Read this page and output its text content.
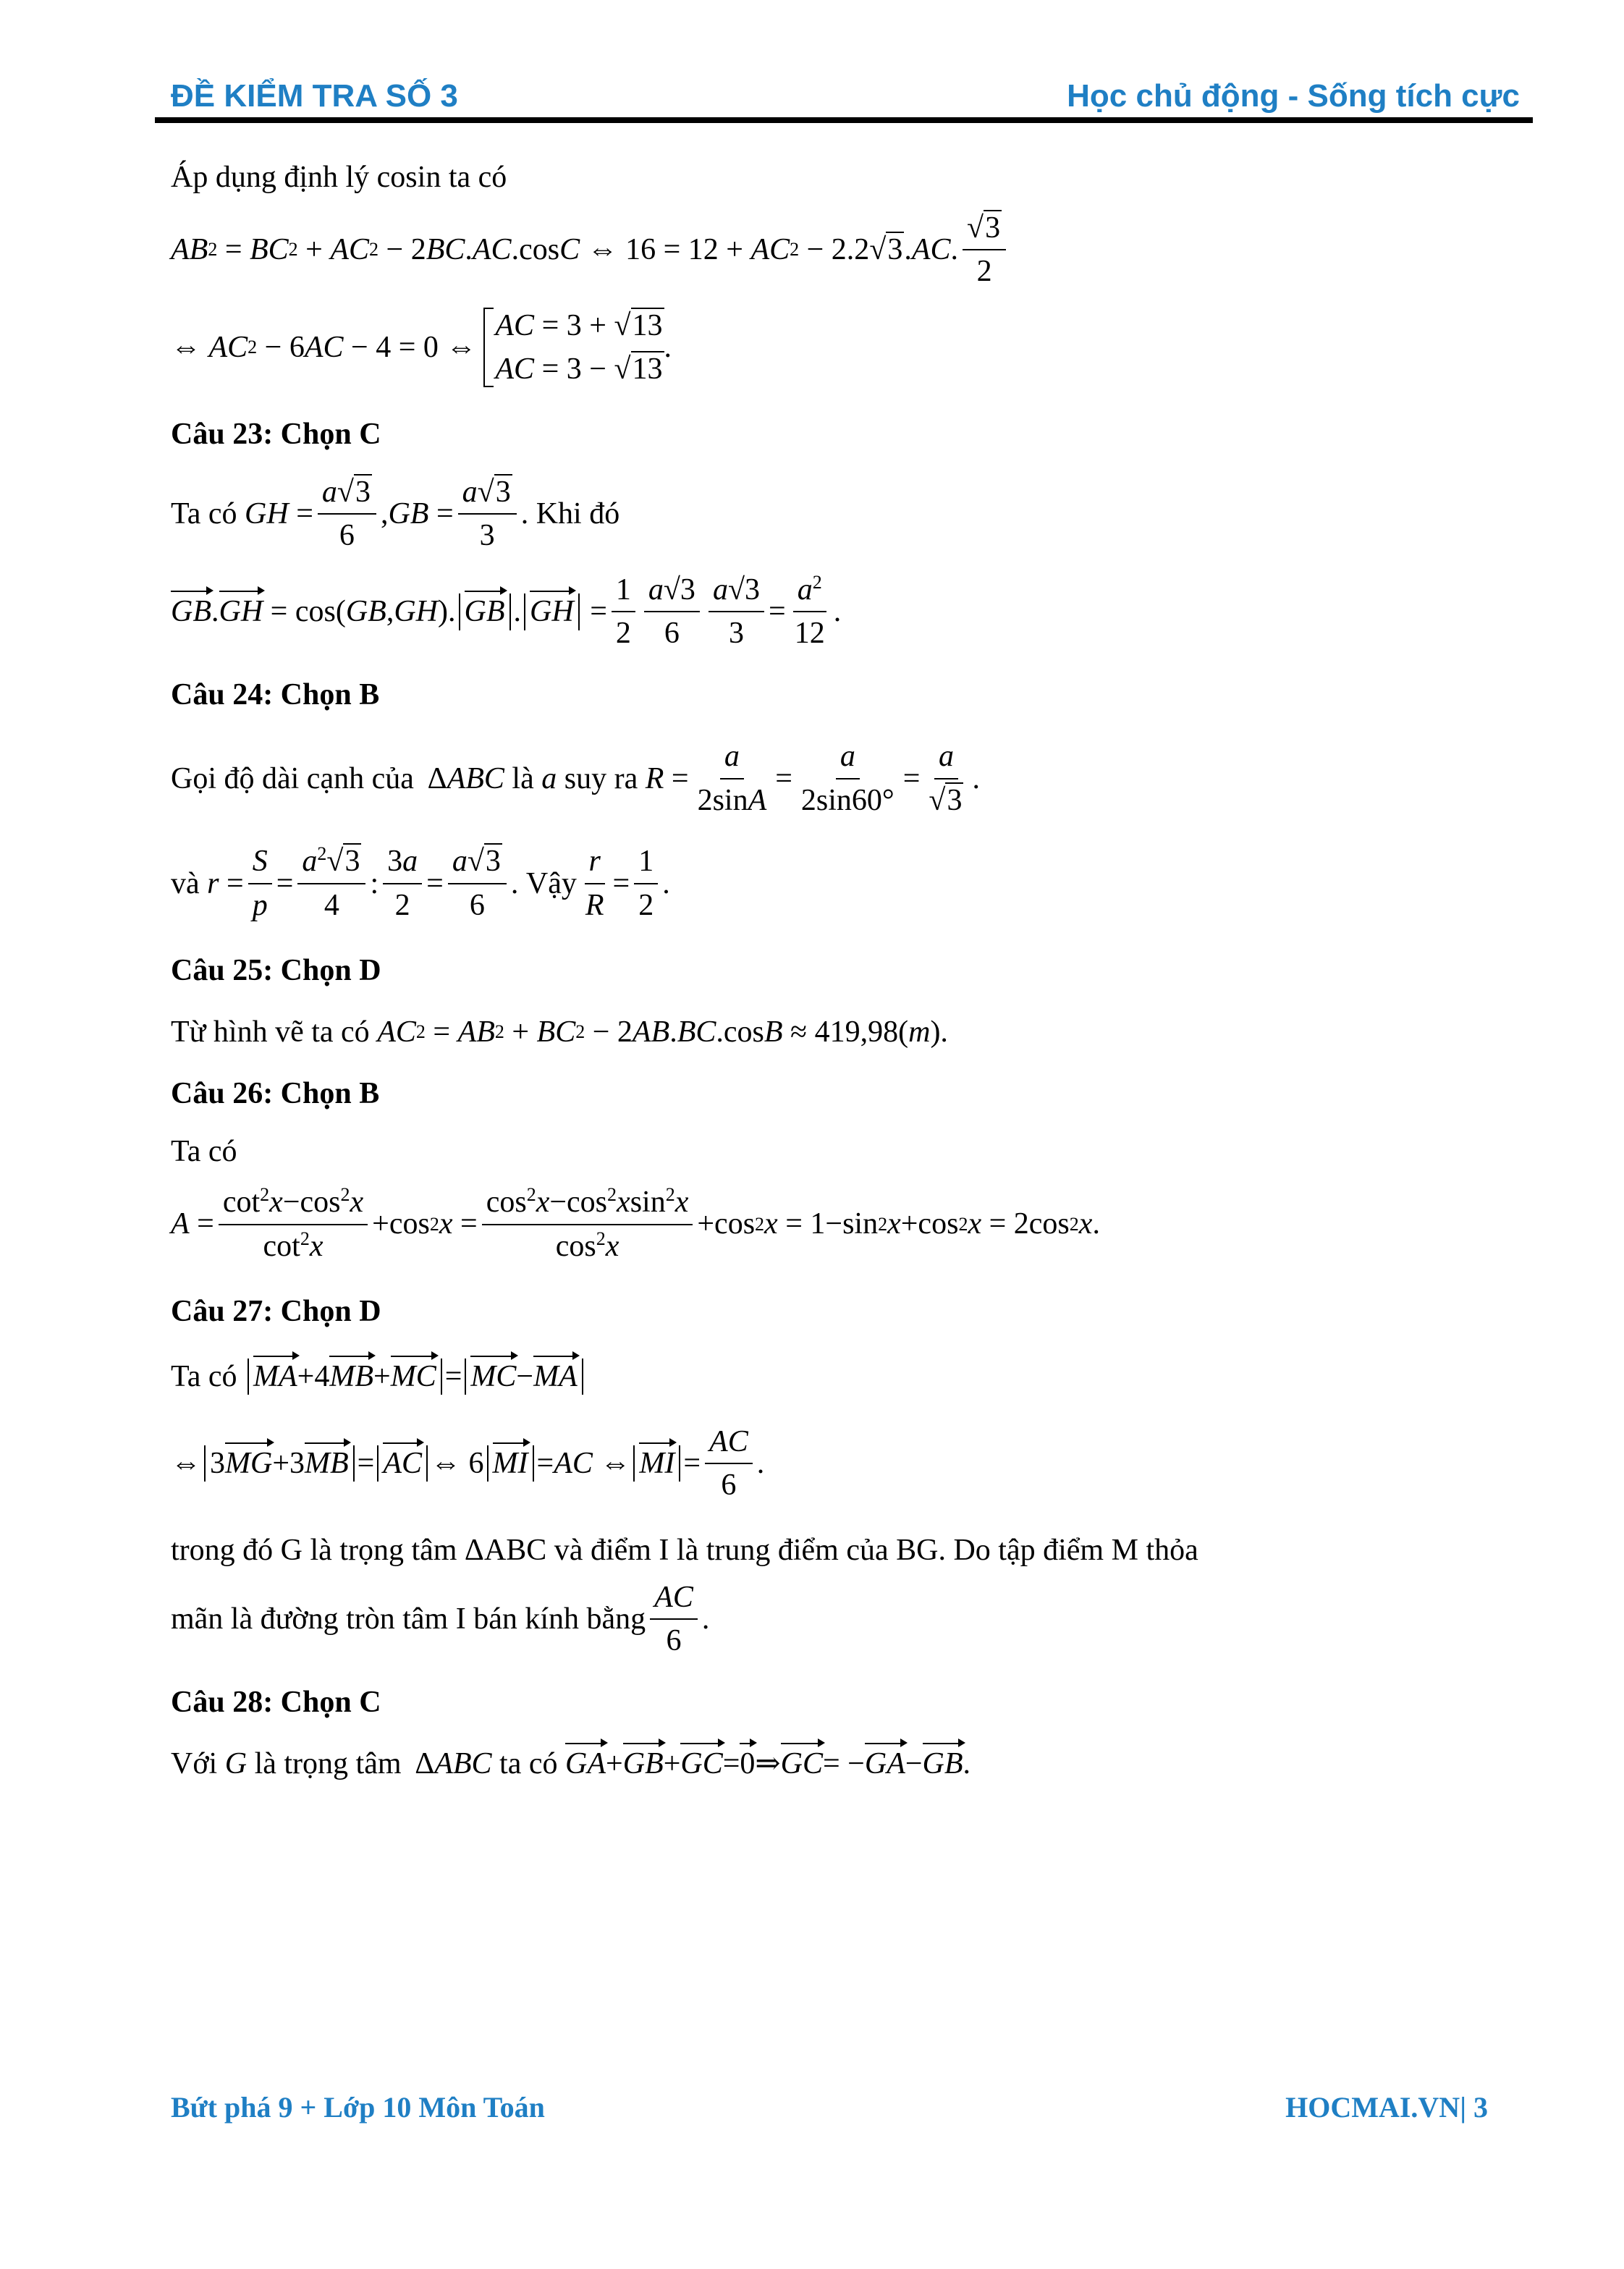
ĐỀ KIỂM TRA SỐ 3	Học chủ động - Sống tích cực
Áp dụng định lý cosin ta có
AB 2 = BC 2 + AC 2 − 2 BC . AC .cos C ⇔ 16 = 12 + AC 2 − 2.2 √3 . AC . $\frac{√3}{2}$
⇔ AC 2 − 6 AC − 4 = 0 ⇔
AC = 3 + √13
AC = 3 − √13
.
Câu 23: Chọn C
Ta có
GH = $\frac{a√3}{6}$ , GB = $\frac{a√3}{3}$ . Khi đó
GB . GH = cos( GB , GH ). GB . GH = $\frac{1}{2} \frac{a√3}{6} \frac{a√3}{3} = \frac{a^2}{12}$ .
Câu 24: Chọn B
Gọi độ dài cạnh của Δ ABC
là
a
suy ra
$R = \frac{a}{2\sin A} = \frac{a}{2\sin 60^\circ} = \frac{a}{√3}$ .
và
$r = \frac{S}{p} = \frac{a^2√3}{4}$ : $\frac{3a}{2} = \frac{a√3}{6}$ . Vậy $\frac{r}{R} = \frac{1}{2}$ .
Câu 25: Chọn D
Từ hình vẽ ta có
AC 2 = AB 2 + BC 2 − 2 AB . BC .cos B ≈ 419,98( m ).
Câu 26: Chọn B
Ta có
$A = \frac{\cot^2x-\cos^2x}{\cot^2x} +\cos$ 2 $x = \frac{\cos^2x-\cos^2xsin^2x}{\cos^2x} +\cos$ 2 x = 1−sin 2 x +cos 2 x = 2cos 2 x .
Câu 27: Chọn D
Ta có
MA+4MB+MC = MC−MA
⇔ 3MG+3MB = AC ⇔ 6 MI = AC ⇔ MI = $\frac{AC}{6}$ .
trong đó G là trọng tâm ΔABC và điểm I là trung điểm của BG. Do tập điểm M thỏa
mãn là đường tròn tâm I bán kính bằng $\frac{AC}{6}$ .
Câu 28: Chọn C
Với
G
là trọng tâm Δ ABC
ta có
GA + GB + GC = 0 ⇒ GC = − GA − GB .
Bứt phá 9 + Lớp 10 Môn Toán	HOCMAI.VN| 3
